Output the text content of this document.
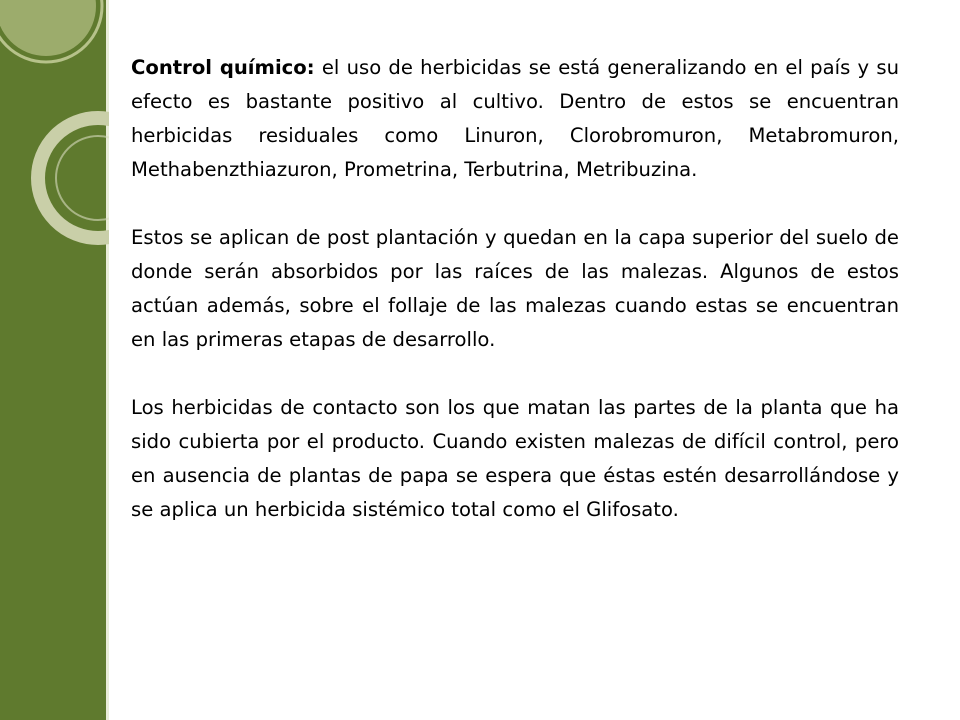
Control químico: el uso de herbicidas se está generalizando en el país y su efecto es bastante positivo al cultivo. Dentro de estos se encuentran herbicidas residuales como Linuron, Clorobromuron, Metabromuron, Methabenzthiazuron, Prometrina, Terbutrina, Metribuzina.

Estos se aplican de post plantación y quedan en la capa superior del suelo de donde serán absorbidos por las raíces de las malezas. Algunos de estos actúan además, sobre el follaje de las malezas cuando estas se encuentran en las primeras etapas de desarrollo.

Los herbicidas de contacto son los que matan las partes de la planta que ha sido cubierta por el producto. Cuando existen malezas de difícil control, pero en ausencia de plantas de papa se espera que éstas estén desarrollándose y se aplica un herbicida sistémico total como el Glifosato.
